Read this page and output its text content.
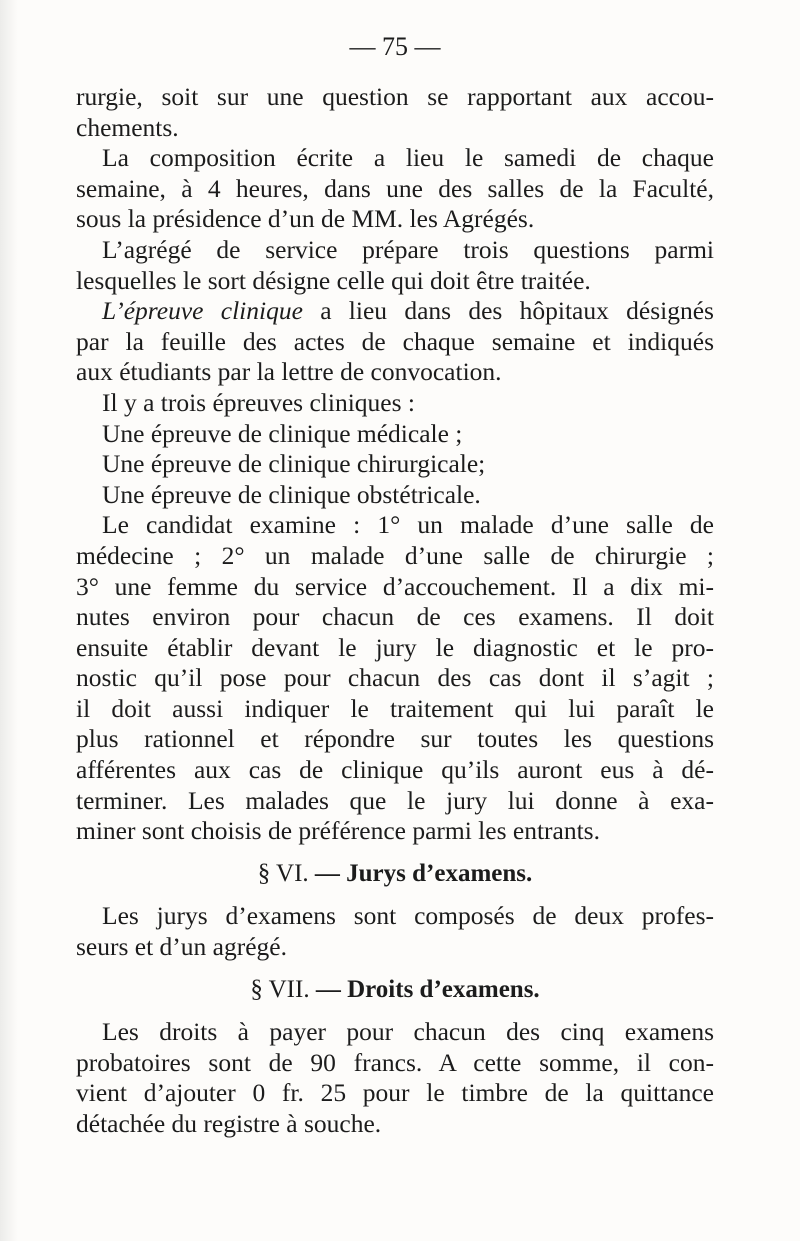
— 75 —
rurgie, soit sur une question se rapportant aux accou-
chements.
La composition écrite a lieu le samedi de chaque
semaine, à 4 heures, dans une des salles de la Faculté,
sous la présidence d’un de MM. les Agrégés.
L’agrégé de service prépare trois questions parmi
lesquelles le sort désigne celle qui doit être traitée.
L’épreuve clinique a lieu dans des hôpitaux désignés
par la feuille des actes de chaque semaine et indiqués
aux étudiants par la lettre de convocation.
Il y a trois épreuves cliniques :
Une épreuve de clinique médicale ;
Une épreuve de clinique chirurgicale;
Une épreuve de clinique obstétricale.
Le candidat examine : 1° un malade d’une salle de
médecine ; 2° un malade d’une salle de chirurgie ;
3° une femme du service d’accouchement. Il a dix mi-
nutes environ pour chacun de ces examens. Il doit
ensuite établir devant le jury le diagnostic et le pro-
nostic qu’il pose pour chacun des cas dont il s’agit ;
il doit aussi indiquer le traitement qui lui paraît le
plus rationnel et répondre sur toutes les questions
afférentes aux cas de clinique qu’ils auront eus à dé-
terminer. Les malades que le jury lui donne à exa-
miner sont choisis de préférence parmi les entrants.
§ VI. — Jurys d’examens.
Les jurys d’examens sont composés de deux profes-
seurs et d’un agrégé.
§ VII. — Droits d’examens.
Les droits à payer pour chacun des cinq examens
probatoires sont de 90 francs. A cette somme, il con-
vient d’ajouter 0 fr. 25 pour le timbre de la quittance
détachée du registre à souche.
